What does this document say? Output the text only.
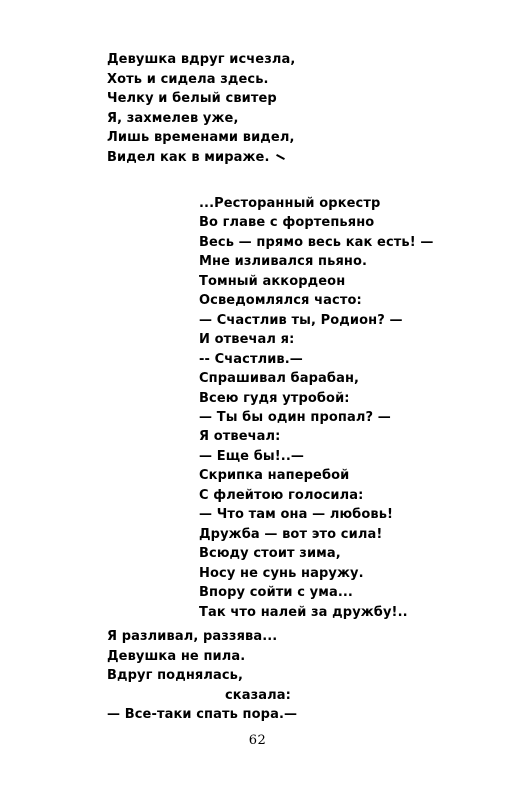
Девушка вдруг исчезла,
Хоть и сидела здесь.
Челку и белый свитер
Я, захмелев уже,
Лишь временами видел,
Видел как в мираже.
...Ресторанный оркестр
Во главе с фортепьяно
Весь — прямо весь как есть! —
Мне изливался пьяно.
Томный аккордеон
Осведомлялся часто:
— Счастлив ты, Родион? —
И отвечал я:
-- Счастлив.—
Спрашивал барабан,
Всею гудя утробой:
— Ты бы один пропал? —
Я отвечал:
— Еще бы!..—
Скрипка наперебой
С флейтою голосила:
— Что там она — любовь!
Дружба — вот это сила!
Всюду стоит зима,
Носу не сунь наружу.
Впору сойти с ума...
Так что налей за дружбу!..
Я разливал, раззява...
Девушка не пила.
Вдруг поднялась,
сказала:
— Все-таки спать пора.—
62
